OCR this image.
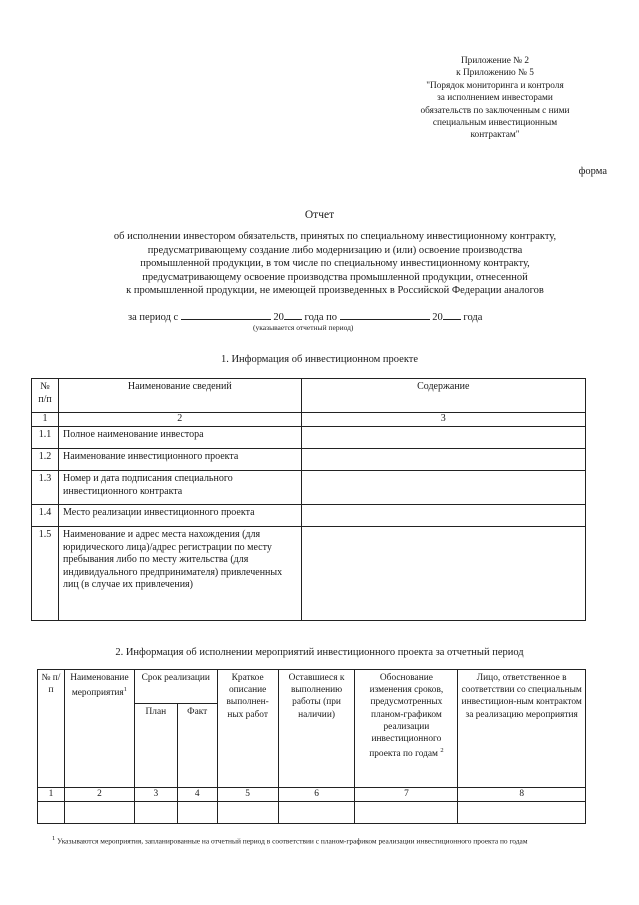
Приложение № 2
к Приложению № 5
"Порядок мониторинга и контроля
за исполнением инвесторами
обязательств по заключенным с ними
специальным инвестиционным
контрактам"
форма
Отчет
об исполнении инвестором обязательств, принятых по специальному инвестиционному контракту,
предусматривающему создание либо модернизацию и (или) освоение производства
промышленной продукции, в том числе по специальному инвестиционному контракту,
предусматривающему освоение производства промышленной продукции, отнесенной
к промышленной продукции, не имеющей произведенных в Российской Федерации аналогов
за период с	20 года по	20 года
(указывается отчетный период)
1. Информация об инвестиционном проекте
№ п/п	Наименование сведений	Содержание
1	2	3
1.1	Полное наименование инвестора	
1.2	Наименование инвестиционного проекта	
1.3	Номер и дата подписания специального инвестиционного контракта	
1.4	Место реализации инвестиционного проекта	
1.5	Наименование и адрес места нахождения (для юридического лица)/адрес регистрации по месту пребывания либо по месту жительства (для индивидуального предпринимателя) привлеченных лиц (в случае их привлечения)	
2. Информация об исполнении мероприятий инвестиционного проекта за отчетный период
№ п/п	Наименование мероприятия$^1$	Срок реализации		Краткое описание выполнен-ных работ	Оставшиеся к выполнению работы (при наличии)	Обоснование изменения сроков, предусмотренных планом-графиком реализации инвестиционного проекта по годам $^2$	Лицо, ответственное в соответствии со специальным инвестицион-ным контрактом за реализацию мероприятия
		План	Факт				
1	2	3	4	5	6	7	8

$^1$ Указываются мероприятия, запланированные на отчетный период в соответствии с планом-графиком реализации инвестиционного проекта по годам
